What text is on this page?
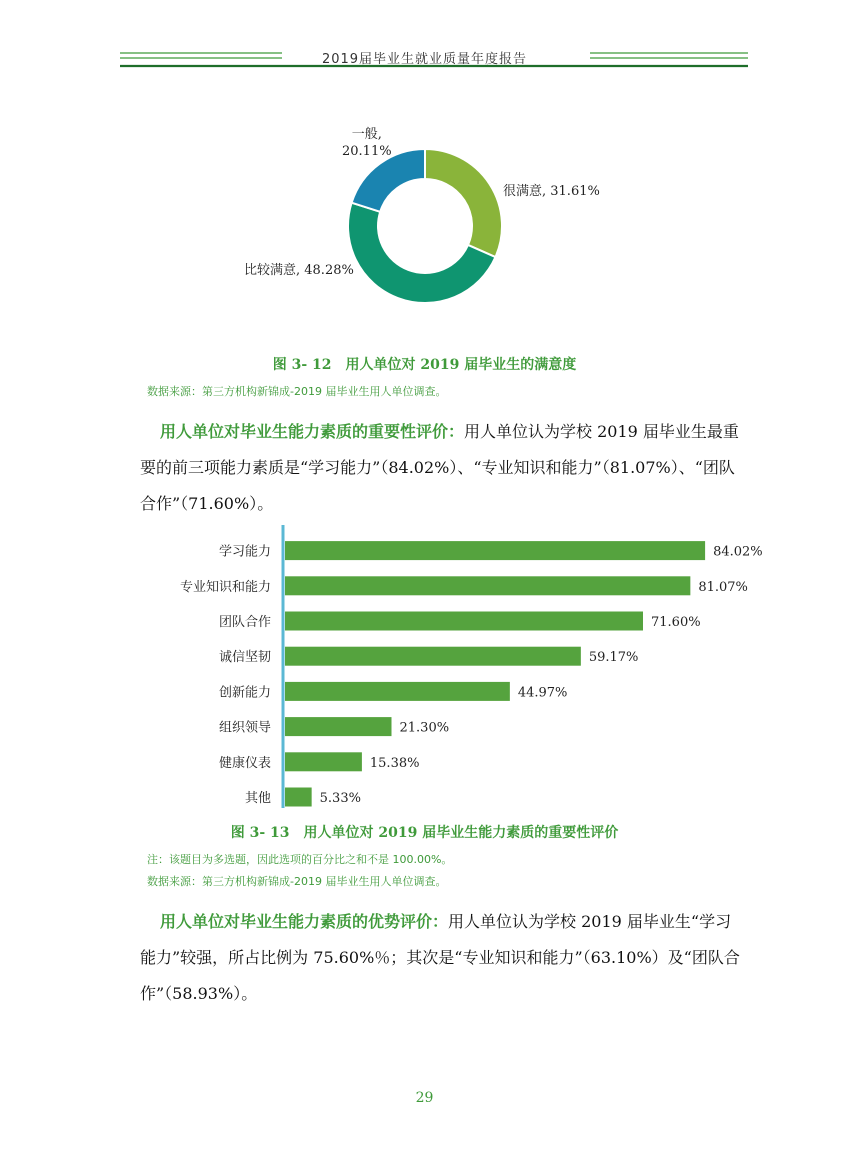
2019届毕业生就业质量年度报告
很满意, 31.61%
比较满意, 48.28%
一般,
20.11%
图 3- 12　用人单位对 2019 届毕业生的满意度
数据来源：第三方机构新锦成-2019 届毕业生用人单位调查。

用人单位对毕业生能力素质的重要性评价：用人单位认为学校 2019 届毕业生最重要的前三项能力素质是“学习能力”（84.02%）、“专业知识和能力”（81.07%）、“团队合作”（71.60%）。

学习能力	84.02%
专业知识和能力	81.07%
团队合作	71.60%
诚信坚韧	59.17%
创新能力	44.97%
组织领导	21.30%
健康仪表	15.38%
其他	5.33%
图 3- 13　用人单位对 2019 届毕业生能力素质的重要性评价
注：该题目为多选题，因此选项的百分比之和不是 100.00%。
数据来源：第三方机构新锦成-2019 届毕业生用人单位调查。

用人单位对毕业生能力素质的优势评价：用人单位认为学校 2019 届毕业生“学习能力”较强，所占比例为 75.60%％；其次是“专业知识和能力”（63.10%）及“团队合作”（58.93%）。

29
